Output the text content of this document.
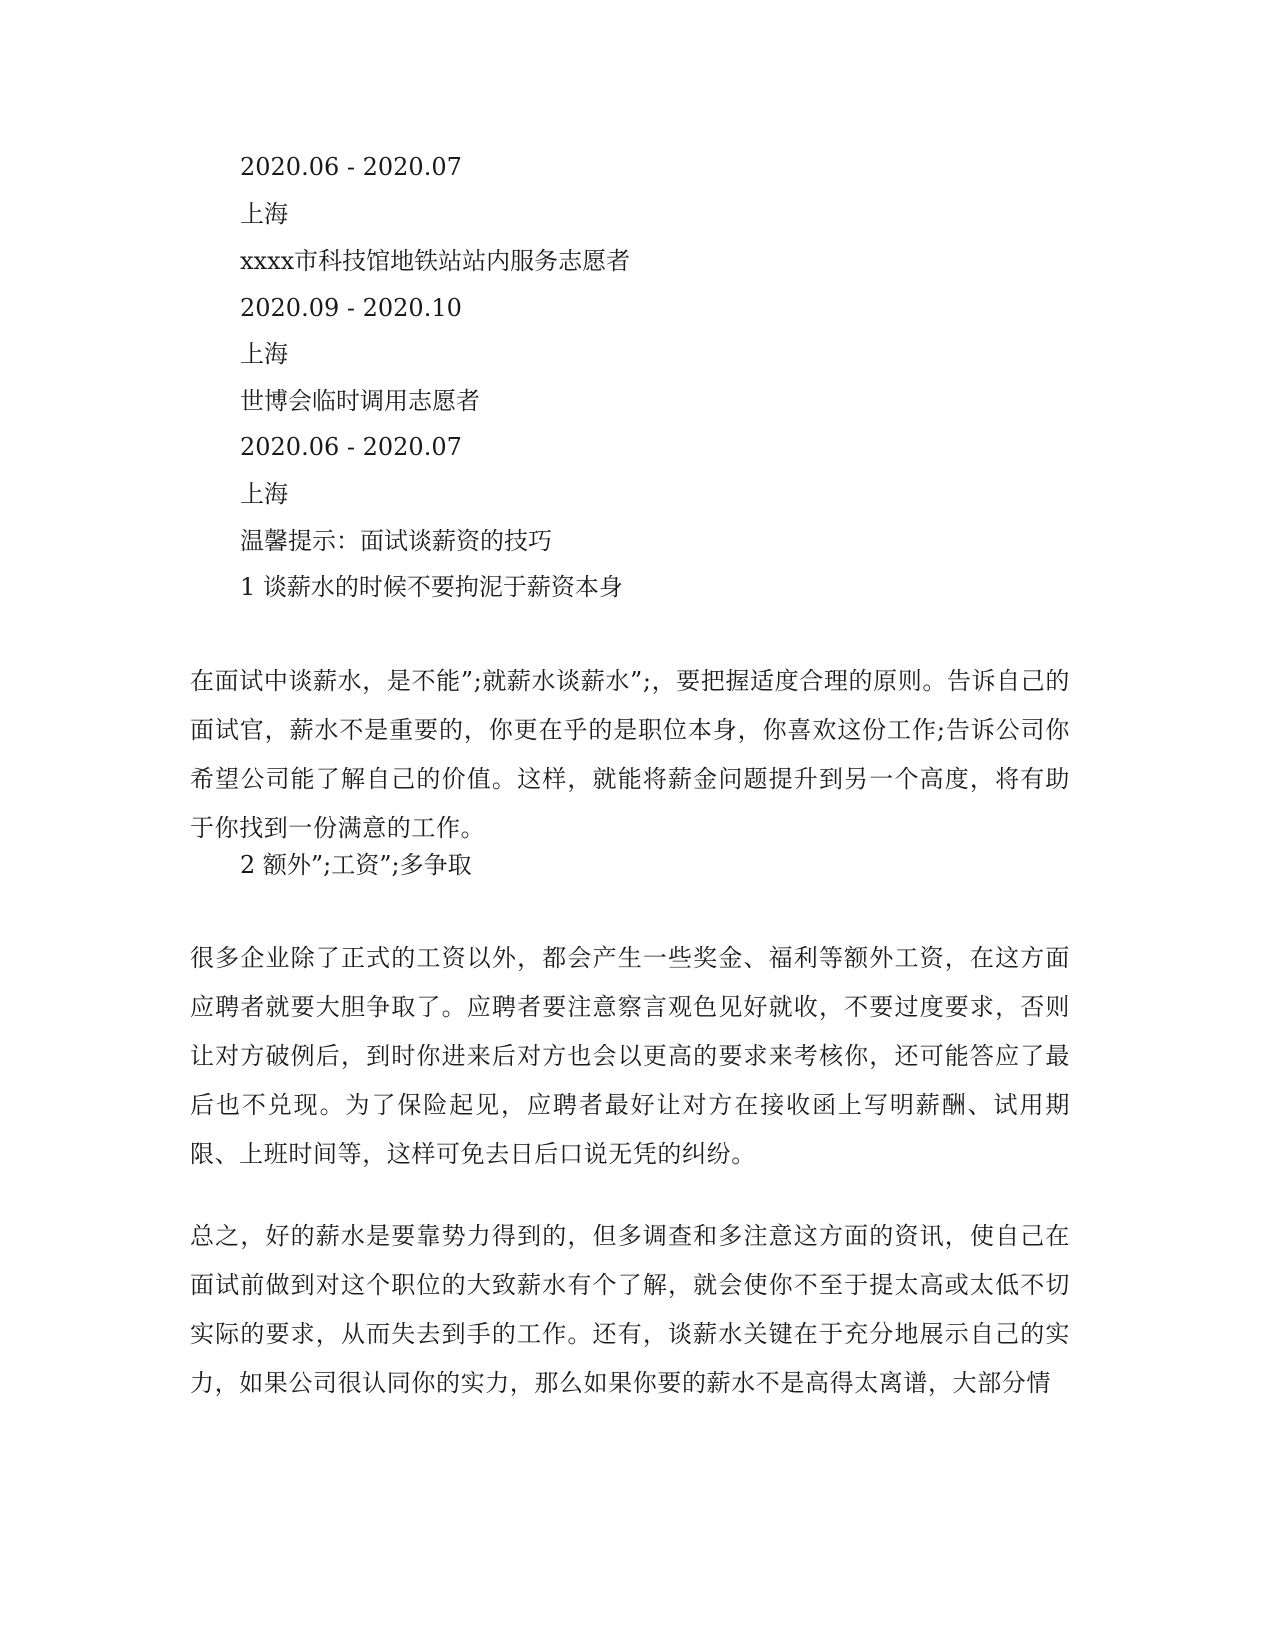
2020.06 - 2020.07
上海
xxxx市科技馆地铁站站内服务志愿者
2020.09 - 2020.10
上海
世博会临时调用志愿者
2020.06 - 2020.07
上海
温馨提示：面试谈薪资的技巧
1 谈薪水的时候不要拘泥于薪资本身
在面试中谈薪水，是不能”;就薪水谈薪水”;，要把握适度合理的原则。告诉自己的面试官，薪水不是重要的，你更在乎的是职位本身，你喜欢这份工作;告诉公司你希望公司能了解自己的价值。这样，就能将薪金问题提升到另一个高度，将有助于你找到一份满意的工作。
2 额外”;工资”;多争取
很多企业除了正式的工资以外，都会产生一些奖金、福利等额外工资，在这方面应聘者就要大胆争取了。应聘者要注意察言观色见好就收，不要过度要求，否则让对方破例后，到时你进来后对方也会以更高的要求来考核你，还可能答应了最后也不兑现。为了保险起见，应聘者最好让对方在接收函上写明薪酬、试用期限、上班时间等，这样可免去日后口说无凭的纠纷。
总之，好的薪水是要靠势力得到的，但多调查和多注意这方面的资讯，使自己在面试前做到对这个职位的大致薪水有个了解，就会使你不至于提太高或太低不切实际的要求，从而失去到手的工作。还有，谈薪水关键在于充分地展示自己的实力，如果公司很认同你的实力，那么如果你要的薪水不是高得太离谱，大部分情
